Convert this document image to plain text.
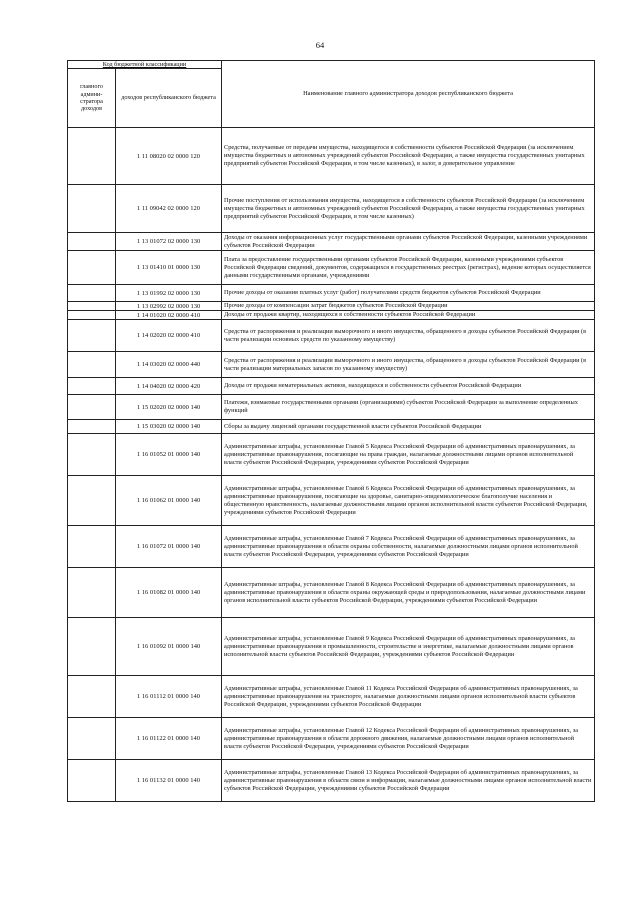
64
Код бюджетной классификации		Наименование главного администратора доходов республиканского бюджета
главного админи- стратора доходов	доходов республиканского бюджета	
	1 11 08020 02 0000 120	Средства, получаемые от передачи имущества, находящегося в собственности субъектов Российской Федерации (за исключением имущества бюджетных и автономных учреждений субъектов Российской Федерации, а также имущества государственных унитарных предприятий субъектов Российской Федерации, в том числе казенных), в залог, в доверительное управление
	1 11 09042 02 0000 120	Прочие поступления от использования имущества, находящегося в собственности субъектов Российской Федерации (за исключением имущества бюджетных и автономных учреждений субъектов Российской Федерации, а также имущества государственных унитарных предприятий субъектов Российской Федерации, в том числе казенных)
	1 13 01072 02 0000 130	Доходы от оказания информационных услуг государственными органами субъектов Российской Федерации, казенными учреждениями субъектов Российской Федерации
	1 13 01410 01 0000 130	Плата за предоставление государственными органами субъектов Российской Федерации, казенными учреждениями субъектов Российской Федерации сведений, документов, содержащихся в государственных реестрах (регистрах), ведение которых осуществляется данными государственными органами, учреждениями
	1 13 01992 02 0000 130	Прочие доходы от оказания платных услуг (работ) получателями средств бюджетов субъектов Российской Федерации
	1 13 02992 02 0000 130	Прочие доходы от компенсации затрат бюджетов субъектов Российской Федерации
	1 14 01020 02 0000 410	Доходы от продажи квартир, находящихся в собственности субъектов Российской Федерации
	1 14 02020 02 0000 410	Средства от распоряжения и реализации выморочного и иного имущества, обращенного в доходы субъектов Российской Федерации (в части реализации основных средств по указанному имуществу)
	1 14 03020 02 0000 440	Средства от распоряжения и реализации выморочного и иного имущества, обращенного в доходы субъектов Российской Федерации (в части реализации материальных запасов по указанному имуществу)
	1 14 04020 02 0000 420	Доходы от продажи нематериальных активов, находящихся в собственности субъектов Российской Федерации
	1 15 02020 02 0000 140	Платежи, взимаемые государственными органами (организациями) субъектов Российской Федерации за выполнение определенных функций
	1 15 03020 02 0000 140	Сборы за выдачу лицензий органами государственной власти субъектов Российской Федерации
	1 16 01052 01 0000 140	Административные штрафы, установленные Главой 5 Кодекса Российской Федерации об административных правонарушениях, за административные правонарушения, посягающие на права граждан, налагаемые должностными лицами органов исполнительной власти субъектов Российской Федерации, учреждениями субъектов Российской Федерации
	1 16 01062 01 0000 140	Административные штрафы, установленные Главой 6 Кодекса Российской Федерации об административных правонарушениях, за административные правонарушения, посягающие на здоровье, санитарно-эпидемиологическое благополучие населения и общественную нравственность, налагаемые должностными лицами органов исполнительной власти субъектов Российской Федерации, учреждениями субъектов Российской Федерации
	1 16 01072 01 0000 140	Административные штрафы, установленные Главой 7 Кодекса Российской Федерации об административных правонарушениях, за административные правонарушения в области охраны собственности, налагаемые должностными лицами органов исполнительной власти субъектов Российской Федерации, учреждениями субъектов Российской Федерации
	1 16 01082 01 0000 140	Административные штрафы, установленные Главой 8 Кодекса Российской Федерации об административных правонарушениях, за административные правонарушения в области охраны окружающей среды и природопользования, налагаемые должностными лицами органов исполнительной власти субъектов Российской Федерации, учреждениями субъектов Российской Федерации
	1 16 01092 01 0000 140	Административные штрафы, установленные Главой 9 Кодекса Российской Федерации об административных правонарушениях, за административные правонарушения в промышленности, строительстве и энергетике, налагаемые должностными лицами органов исполнительной власти субъектов Российской Федерации, учреждениями субъектов Российской Федерации
	1 16 01112 01 0000 140	Административные штрафы, установленные Главой 11 Кодекса Российской Федерации об административных правонарушениях, за административные правонарушения на транспорте, налагаемые должностными лицами органов исполнительной власти субъектов Российской Федерации, учреждениями субъектов Российской Федерации
	1 16 01122 01 0000 140	Административные штрафы, установленные Главой 12 Кодекса Российской Федерации об административных правонарушениях, за административные правонарушения в области дорожного движения, налагаемые должностными лицами органов исполнительной власти субъектов Российской Федерации, учреждениями субъектов Российской Федерации
	1 16 01132 01 0000 140	Административные штрафы, установленные Главой 13 Кодекса Российской Федерации об административных правонарушениях, за административные правонарушения в области связи и информации, налагаемые должностными лицами органов исполнительной власти субъектов Российской Федерации, учреждениями субъектов Российской Федерации
